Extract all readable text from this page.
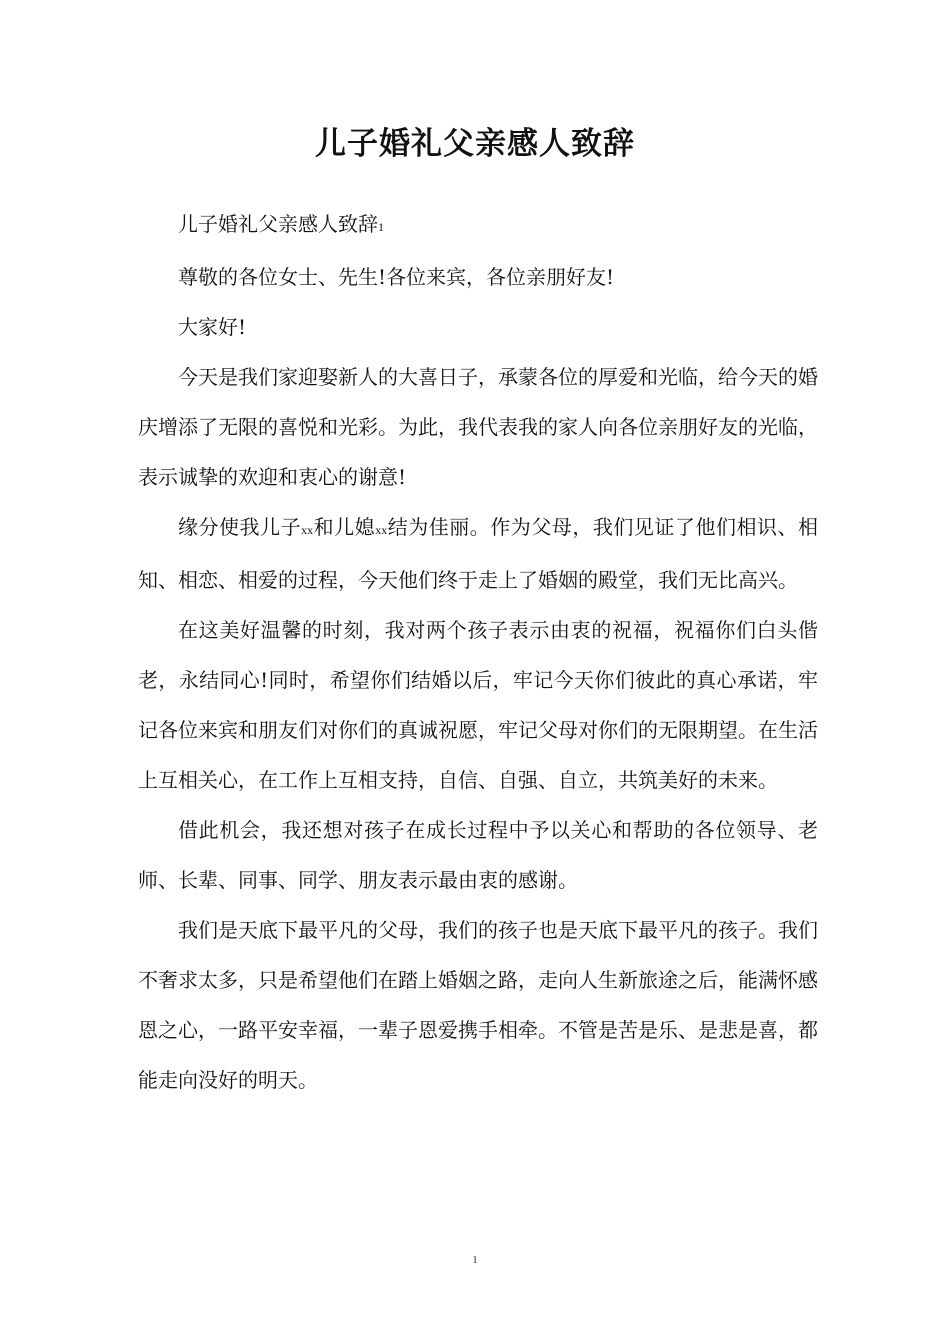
儿子婚礼父亲感人致辞

儿子婚礼父亲感人致辞1

尊敬的各位女士、先生!各位来宾，各位亲朋好友!

大家好!

今天是我们家迎娶新人的大喜日子，承蒙各位的厚爱和光临，给今天的婚庆增添了无限的喜悦和光彩。为此，我代表我的家人向各位亲朋好友的光临，表示诚挚的欢迎和衷心的谢意!

缘分使我儿子xx和儿媳xx结为佳丽。作为父母，我们见证了他们相识、相知、相恋、相爱的过程，今天他们终于走上了婚姻的殿堂，我们无比高兴。

在这美好温馨的时刻，我对两个孩子表示由衷的祝福，祝福你们白头偕老，永结同心!同时，希望你们结婚以后，牢记今天你们彼此的真心承诺，牢记各位来宾和朋友们对你们的真诚祝愿，牢记父母对你们的无限期望。在生活上互相关心，在工作上互相支持，自信、自强、自立，共筑美好的未来。

借此机会，我还想对孩子在成长过程中予以关心和帮助的各位领导、老师、长辈、同事、同学、朋友表示最由衷的感谢。

我们是天底下最平凡的父母，我们的孩子也是天底下最平凡的孩子。我们不奢求太多，只是希望他们在踏上婚姻之路，走向人生新旅途之后，能满怀感恩之心，一路平安幸福，一辈子恩爱携手相牵。不管是苦是乐、是悲是喜，都能走向没好的明天。

1
